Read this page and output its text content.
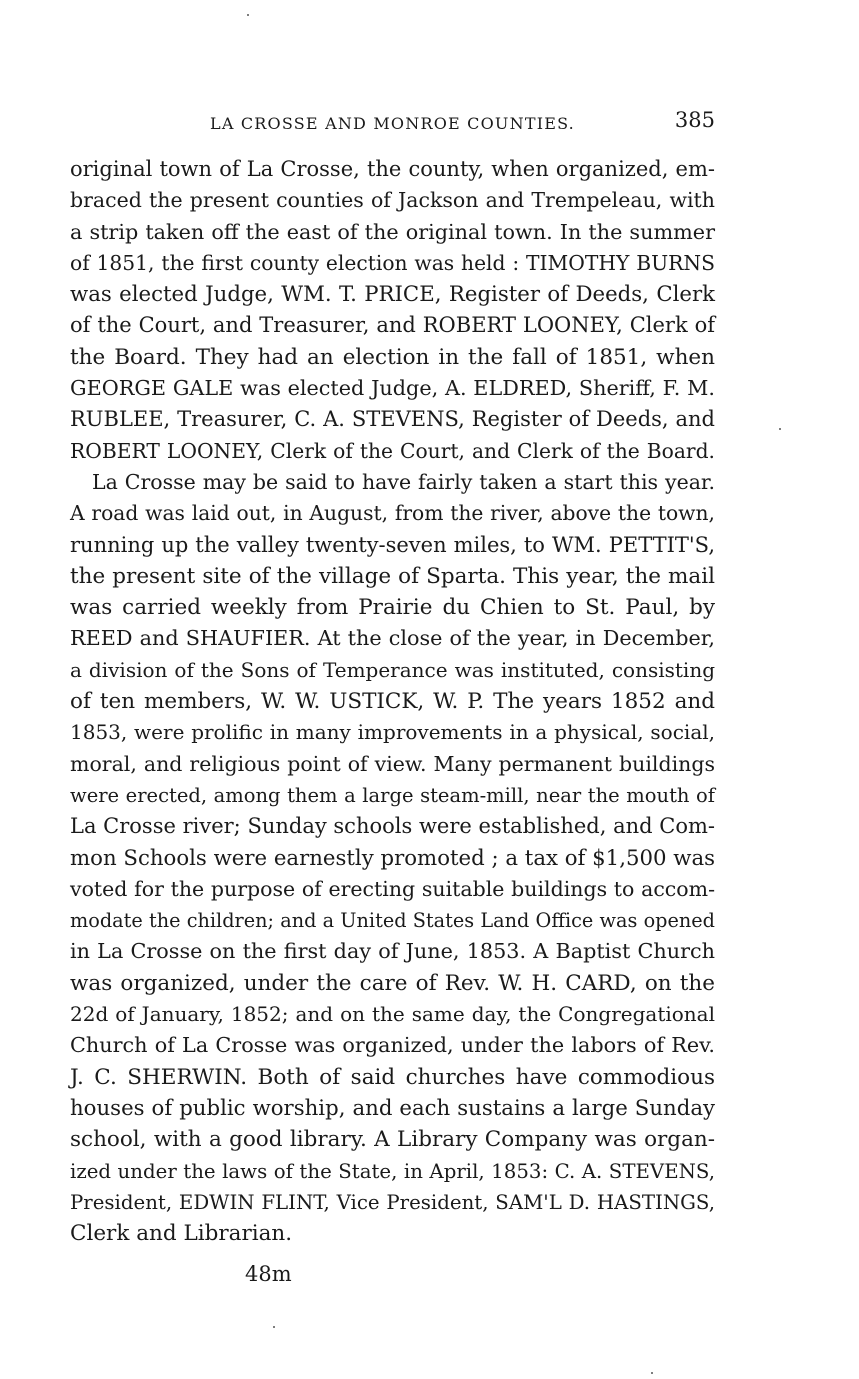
LA CROSSE AND MONROE COUNTIES.	385
original town of La Crosse, the county, when organized, em-
braced the present counties of Jackson and Trempeleau, with
a strip taken off the east of the original town. In the summer
of 1851, the first county election was held : TIMOTHY BURNS
was elected Judge, WM. T. PRICE, Register of Deeds, Clerk
of the Court, and Treasurer, and ROBERT LOONEY, Clerk of
the Board. They had an election in the fall of 1851, when
GEORGE GALE was elected Judge, A. ELDRED, Sheriff, F. M.
RUBLEE, Treasurer, C. A. STEVENS, Register of Deeds, and
ROBERT LOONEY, Clerk of the Court, and Clerk of the Board.
La Crosse may be said to have fairly taken a start this year.
A road was laid out, in August, from the river, above the town,
running up the valley twenty-seven miles, to WM. PETTIT'S,
the present site of the village of Sparta. This year, the mail
was carried weekly from Prairie du Chien to St. Paul, by
REED and SHAUFIER. At the close of the year, in December,
a division of the Sons of Temperance was instituted, consisting
of ten members, W. W. USTICK, W. P. The years 1852 and
1853, were prolific in many improvements in a physical, social,
moral, and religious point of view. Many permanent buildings
were erected, among them a large steam-mill, near the mouth of
La Crosse river; Sunday schools were established, and Com-
mon Schools were earnestly promoted ; a tax of $1,500 was
voted for the purpose of erecting suitable buildings to accom-
modate the children; and a United States Land Office was opened
in La Crosse on the first day of June, 1853. A Baptist Church
was organized, under the care of Rev. W. H. CARD, on the
22d of January, 1852; and on the same day, the Congregational
Church of La Crosse was organized, under the labors of Rev.
J. C. SHERWIN. Both of said churches have commodious
houses of public worship, and each sustains a large Sunday
school, with a good library. A Library Company was organ-
ized under the laws of the State, in April, 1853: C. A. STEVENS,
President, EDWIN FLINT, Vice President, SAM'L D. HASTINGS,
Clerk and Librarian.
48m
